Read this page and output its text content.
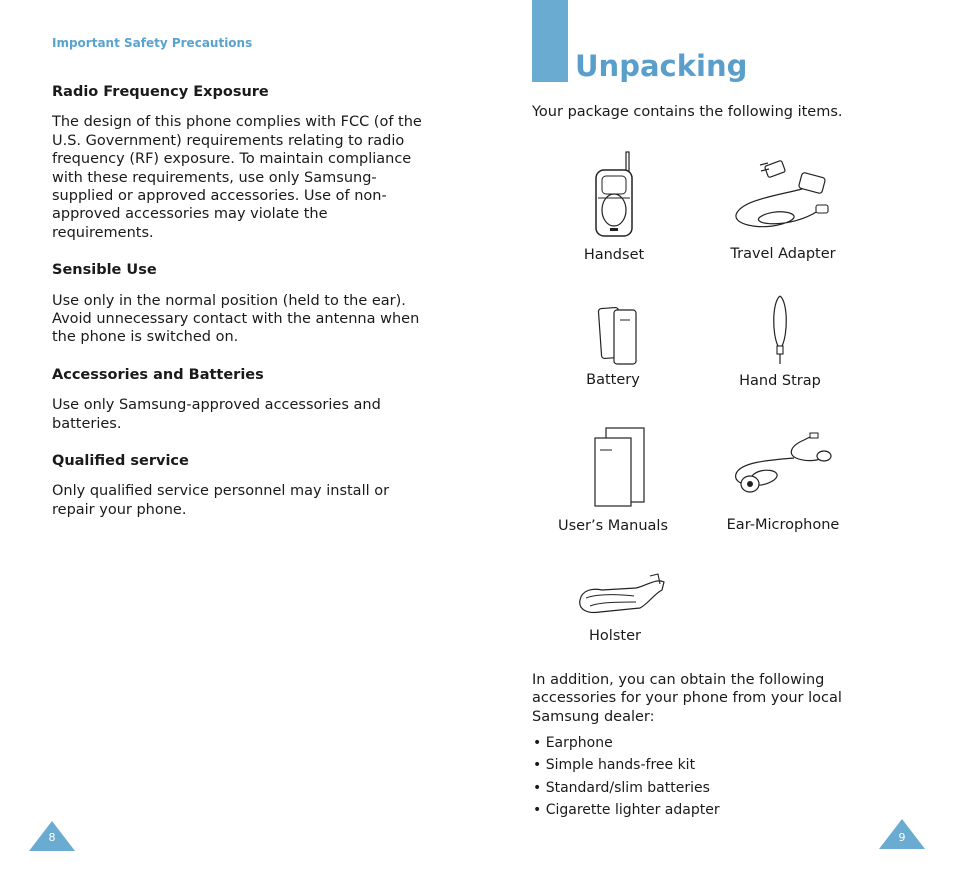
Important Safety Precautions
Radio Frequency Exposure
The design of this phone complies with FCC (of the U.S. Government) requirements relating to radio frequency (RF) exposure. To maintain compliance with these requirements, use only Samsung-supplied or approved accessories. Use of non-approved accessories may violate the requirements.
Sensible Use
Use only in the normal position (held to the ear). Avoid unnecessary contact with the antenna when the phone is switched on.
Accessories and Batteries
Use only Samsung-approved accessories and batteries.
Qualified service
Only qualified service personnel may install or repair your phone.
8
Unpacking
Your package contains the following items.
Handset	Travel Adapter
Battery	Hand Strap
User’s Manuals	Ear-Microphone
Holster
In addition, you can obtain the following accessories for your phone from your local Samsung dealer:
• Earphone
• Simple hands-free kit
• Standard/slim batteries
• Cigarette lighter adapter
9
